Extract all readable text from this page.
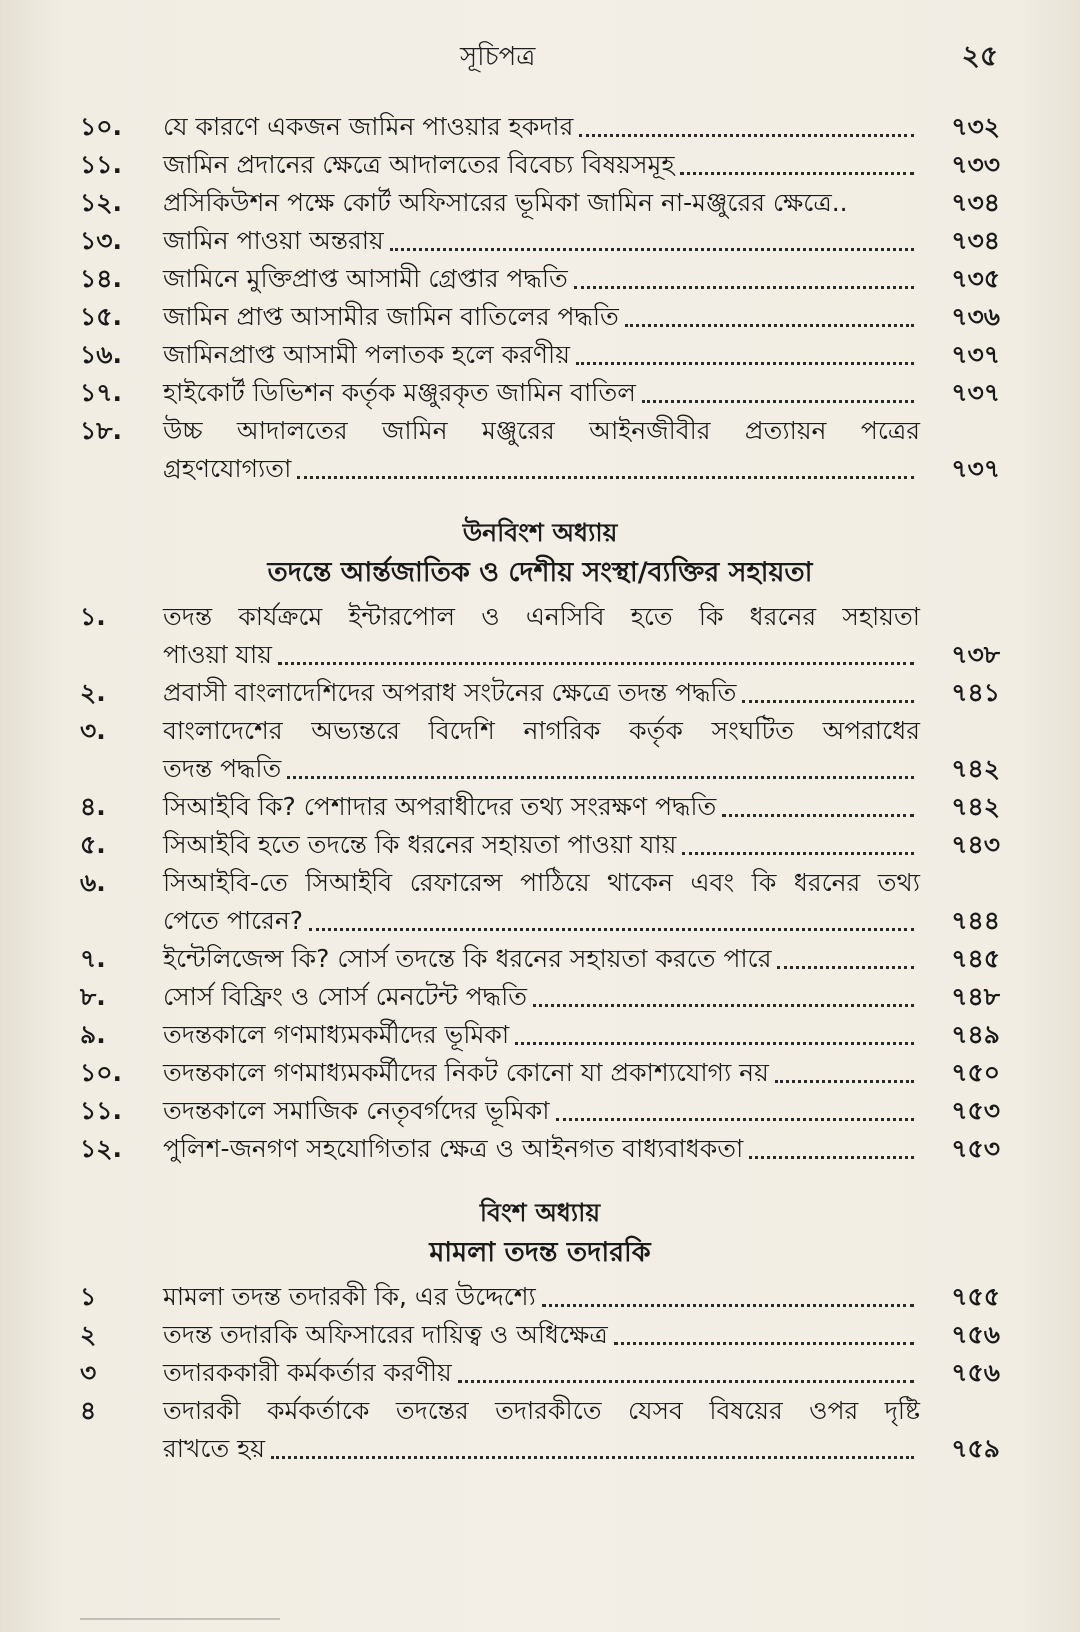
সূচিপত্র	২৫
১০.	যে কারণে একজন জামিন পাওয়ার হকদার	৭৩২
১১.	জামিন প্রদানের ক্ষেত্রে আদালতের বিবেচ্য বিষয়সমূহ	৭৩৩
১২.	প্রসিকিউশন পক্ষে কোর্ট অফিসারের ভূমিকা জামিন না-মঞ্জুরের ক্ষেত্রে..	৭৩৪
১৩.	জামিন পাওয়া অন্তরায়	৭৩৪
১৪.	জামিনে মুক্তিপ্রাপ্ত আসামী গ্রেপ্তার পদ্ধতি	৭৩৫
১৫.	জামিন প্রাপ্ত আসামীর জামিন বাতিলের পদ্ধতি	৭৩৬
১৬.	জামিনপ্রাপ্ত আসামী পলাতক হলে করণীয়	৭৩৭
১৭.	হাইকোর্ট ডিভিশন কর্তৃক মঞ্জুরকৃত জামিন বাতিল	৭৩৭
১৮.	উচ্চ আদালতের জামিন মঞ্জুরের আইনজীবীর প্রত্যায়ন পত্রের
গ্রহণযোগ্যতা	৭৩৭
উনবিংশ অধ্যায়
তদন্তে আর্ন্তজাতিক ও দেশীয় সংস্থা/ব্যক্তির সহায়তা
১.	তদন্ত কার্যক্রমে ইন্টারপোল ও এনসিবি হতে কি ধরনের সহায়তা
পাওয়া যায়	৭৩৮
২.	প্রবাসী বাংলাদেশিদের অপরাধ সংটনের ক্ষেত্রে তদন্ত পদ্ধতি	৭৪১
৩.	বাংলাদেশের অভ্যন্তরে বিদেশি নাগরিক কর্তৃক সংঘটিত অপরাধের
তদন্ত পদ্ধতি	৭৪২
৪.	সিআইবি কি? পেশাদার অপরাধীদের তথ্য সংরক্ষণ পদ্ধতি	৭৪২
৫.	সিআইবি হতে তদন্তে কি ধরনের সহায়তা পাওয়া যায়	৭৪৩
৬.	সিআইবি-তে সিআইবি রেফারেন্স পাঠিয়ে থাকেন এবং কি ধরনের তথ্য
পেতে পারেন?	৭৪৪
৭.	ইন্টেলিজেন্স কি? সোর্স তদন্তে কি ধরনের সহায়তা করতে পারে	৭৪৫
৮.	সোর্স বিফ্রিং ও সোর্স মেনটেন্ট পদ্ধতি	৭৪৮
৯.	তদন্তকালে গণমাধ্যমকর্মীদের ভূমিকা	৭৪৯
১০.	তদন্তকালে গণমাধ্যমকর্মীদের নিকট কোনো যা প্রকাশ্যযোগ্য নয়	৭৫০
১১.	তদন্তকালে সমাজিক নেতৃবর্গদের ভূমিকা	৭৫৩
১২.	পুলিশ-জনগণ সহযোগিতার ক্ষেত্র ও আইনগত বাধ্যবাধকতা	৭৫৩
বিংশ অধ্যায়
মামলা তদন্ত তদারকি
১	মামলা তদন্ত তদারকী কি, এর উদ্দেশ্যে	৭৫৫
২	তদন্ত তদারকি অফিসারের দায়িত্ব ও অধিক্ষেত্র	৭৫৬
৩	তদারককারী কর্মকর্তার করণীয়	৭৫৬
৪	তদারকী কর্মকর্তাকে তদন্তের তদারকীতে যেসব বিষয়ের ওপর দৃষ্টি
রাখতে হয়	৭৫৯
